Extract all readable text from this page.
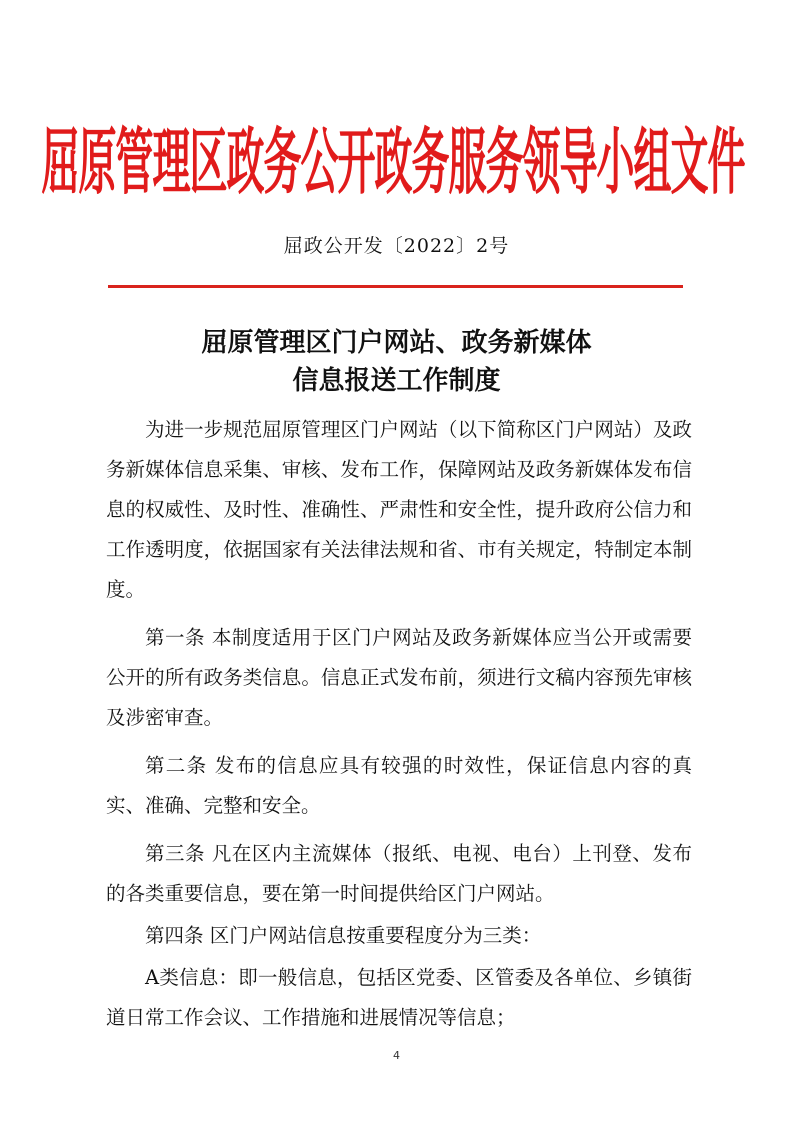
屈原管理区政务公开政务服务领导小组文件
屈政公开发〔2022〕2号
屈原管理区门户网站、政务新媒体
信息报送工作制度

为进一步规范屈原管理区门户网站（以下简称区门户网站）及政务新媒体信息采集、审核、发布工作，保障网站及政务新媒体发布信息的权威性、及时性、准确性、严肃性和安全性，提升政府公信力和工作透明度，依据国家有关法律法规和省、市有关规定，特制定本制度。

第一条 本制度适用于区门户网站及政务新媒体应当公开或需要公开的所有政务类信息。信息正式发布前，须进行文稿内容预先审核及涉密审查。

第二条 发布的信息应具有较强的时效性，保证信息内容的真实、准确、完整和安全。

第三条 凡在区内主流媒体（报纸、电视、电台）上刊登、发布的各类重要信息，要在第一时间提供给区门户网站。

第四条 区门户网站信息按重要程度分为三类：

A类信息：即一般信息，包括区党委、区管委及各单位、乡镇街道日常工作会议、工作措施和进展情况等信息；

4
